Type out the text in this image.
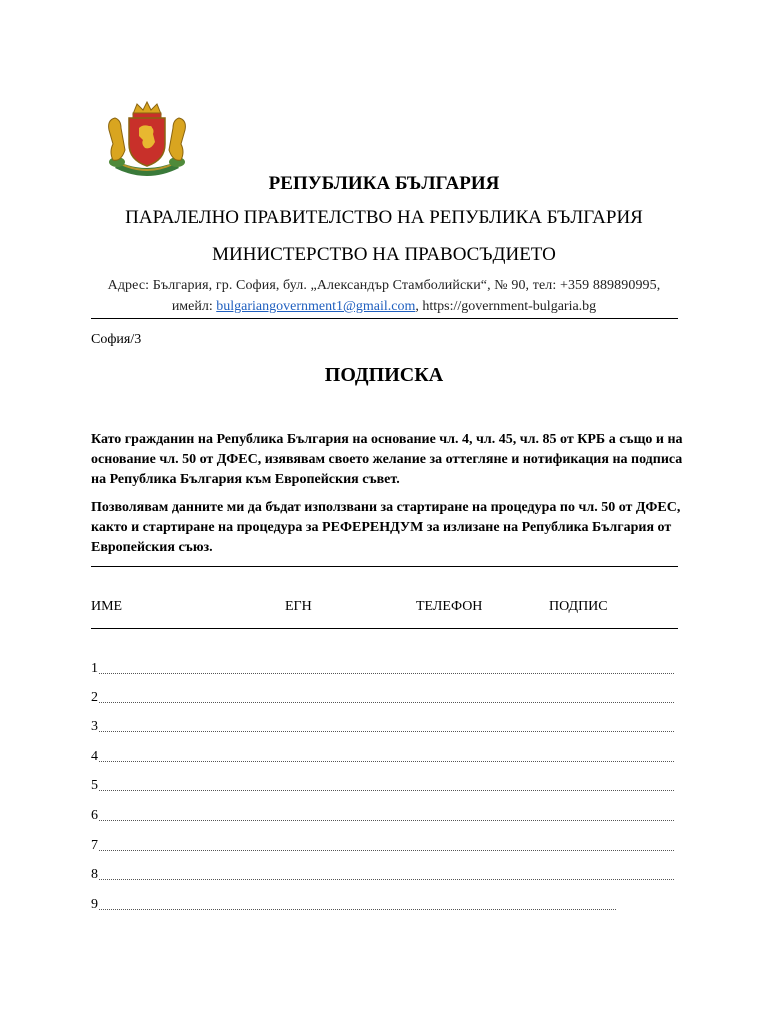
РЕПУБЛИКА БЪЛГАРИЯ
ПАРАЛЕЛНО ПРАВИТЕЛСТВО НА РЕПУБЛИКА БЪЛГАРИЯ
МИНИСТЕРСТВО НА ПРАВОСЪДИЕТО
Адрес: България, гр. София, бул. „Александър Стамболийски“, № 90, тел: +359 889890995,
имейл: bulgariangovernment1@gmail.com, https://government-bulgaria.bg
София/3
ПОДПИСКА
Като гражданин на Република България на основание чл. 4, чл. 45, чл. 85 от КРБ а също и на основание чл. 50 от ДФЕС, изявявам своето желание за оттегляне и нотификация на подписа на Република България към Европейския съвет.
Позволявам данните ми да бъдат използвани за стартиране на процедура по чл. 50 от ДФЕС, както и стартиране на процедура за РЕФЕРЕНДУМ за излизане на Република България от Европейския съюз.
ИМЕ	ЕГН	ТЕЛЕФОН	ПОДПИС
1
2
3
4
5
6
7
8
9
